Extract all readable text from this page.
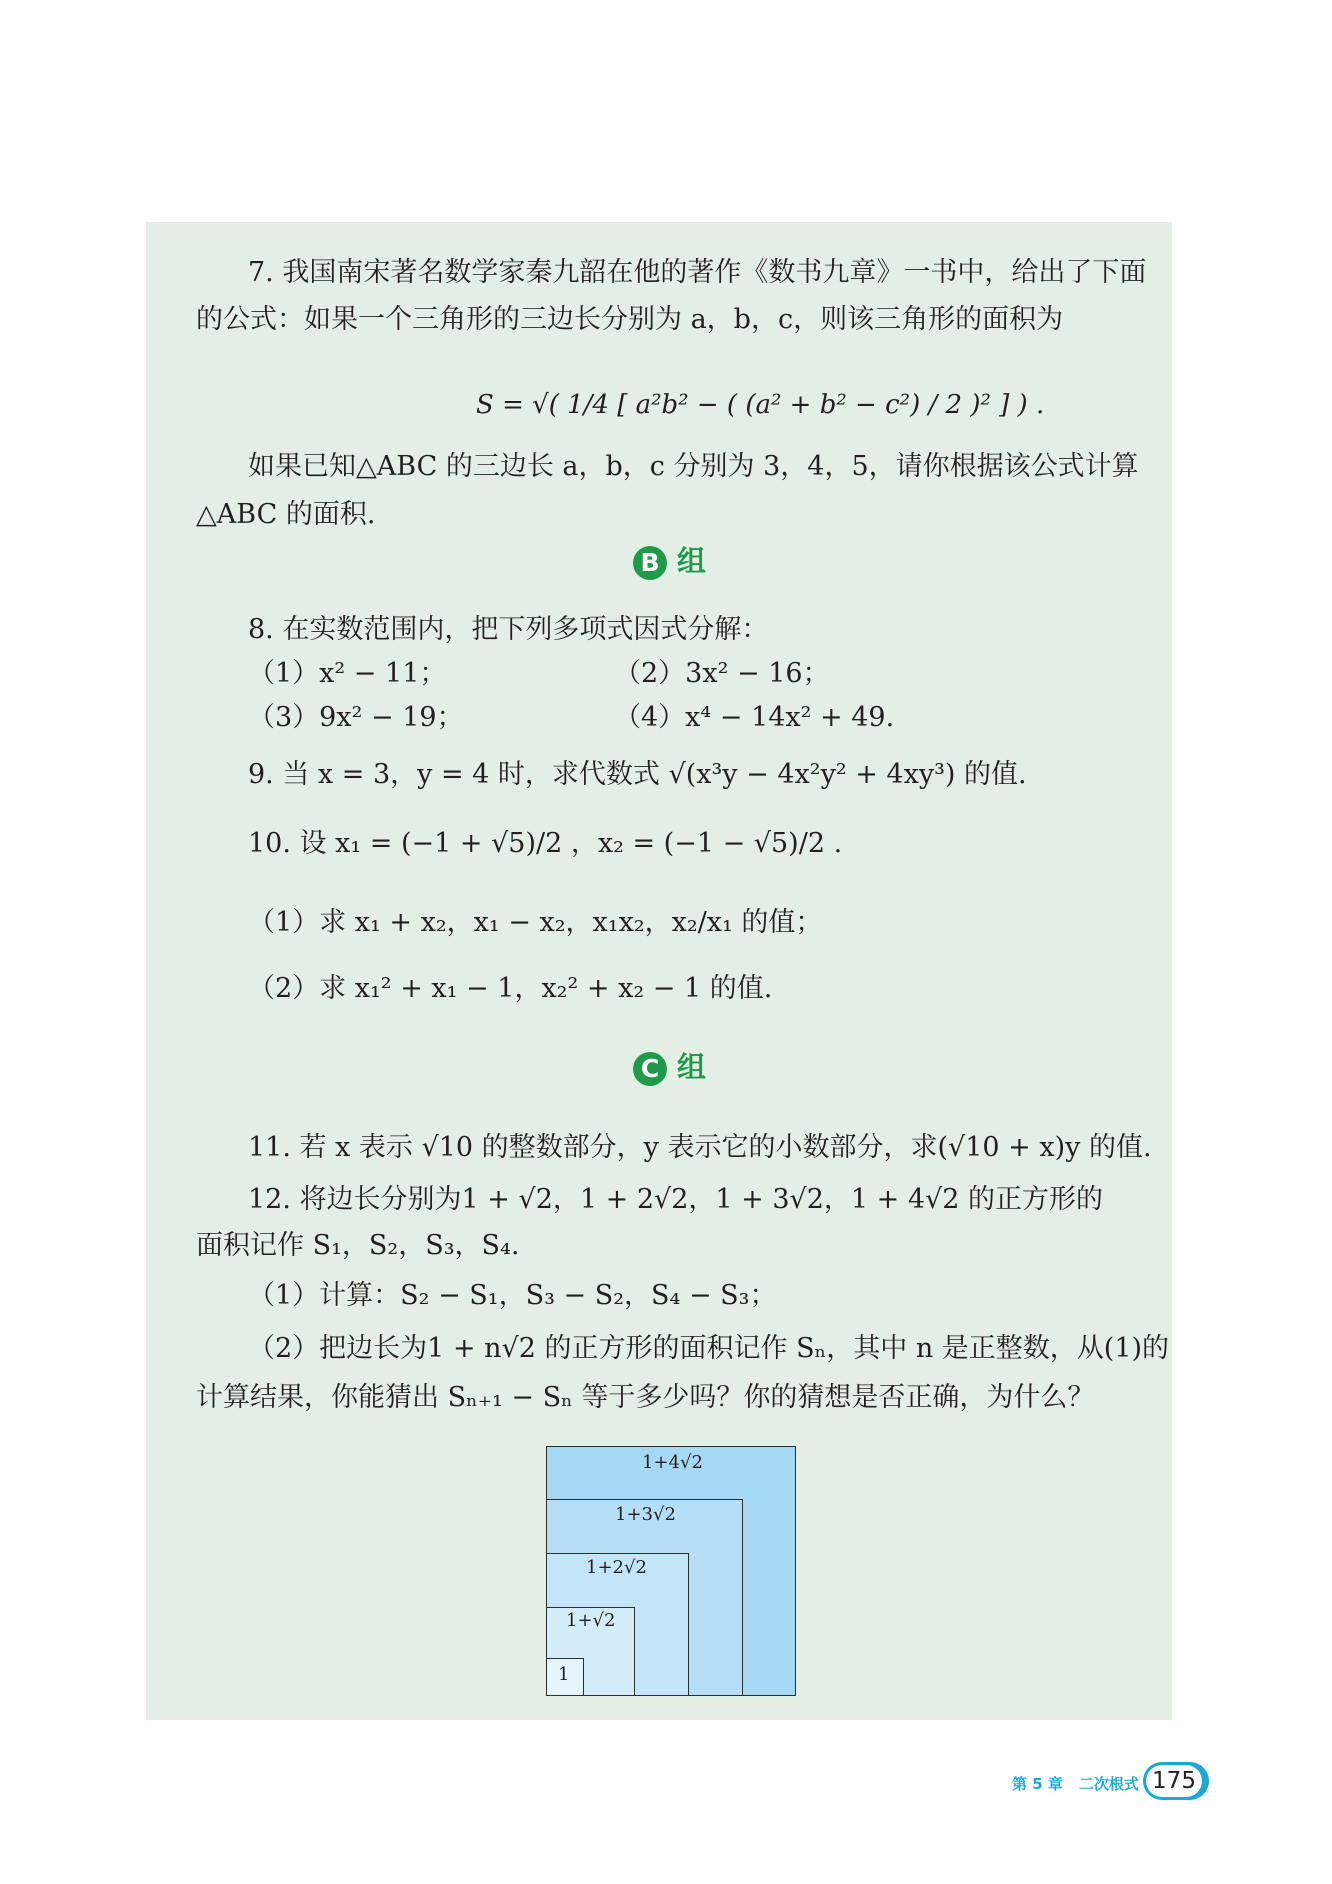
7. 我国南宋著名数学家秦九韶在他的著作《数书九章》一书中，给出了下面
的公式：如果一个三角形的三边长分别为 a，b，c，则该三角形的面积为
S = √( 1/4 [ a²b² − ( (a² + b² − c²) / 2 )² ] ) .
如果已知△ABC 的三边长 a，b，c 分别为 3，4，5，请你根据该公式计算
△ABC 的面积.
B 组
8. 在实数范围内，把下列多项式因式分解：
（1）x² − 11；	（2）3x² − 16；
（3）9x² − 19；	（4）x⁴ − 14x² + 49.
9. 当 x = 3，y = 4 时，求代数式 √(x³y − 4x²y² + 4xy³) 的值.
10. 设 x₁ = (−1 + √5)/2 ，x₂ = (−1 − √5)/2 .
（1）求 x₁ + x₂，x₁ − x₂，x₁x₂，x₂/x₁ 的值；
（2）求 x₁² + x₁ − 1，x₂² + x₂ − 1 的值.
C 组
11. 若 x 表示 √10 的整数部分，y 表示它的小数部分，求(√10 + x)y 的值.
12. 将边长分别为1 + √2，1 + 2√2，1 + 3√2，1 + 4√2 的正方形的
面积记作 S₁，S₂，S₃，S₄.
（1）计算：S₂ − S₁，S₃ − S₂，S₄ − S₃；
（2）把边长为1 + n√2 的正方形的面积记作 Sₙ，其中 n 是正整数，从(1)的
计算结果，你能猜出 Sₙ₊₁ − Sₙ 等于多少吗？你的猜想是否正确，为什么？
1+4√2
1+3√2
1+2√2
1+√2
1
第 5 章 二次根式 175
